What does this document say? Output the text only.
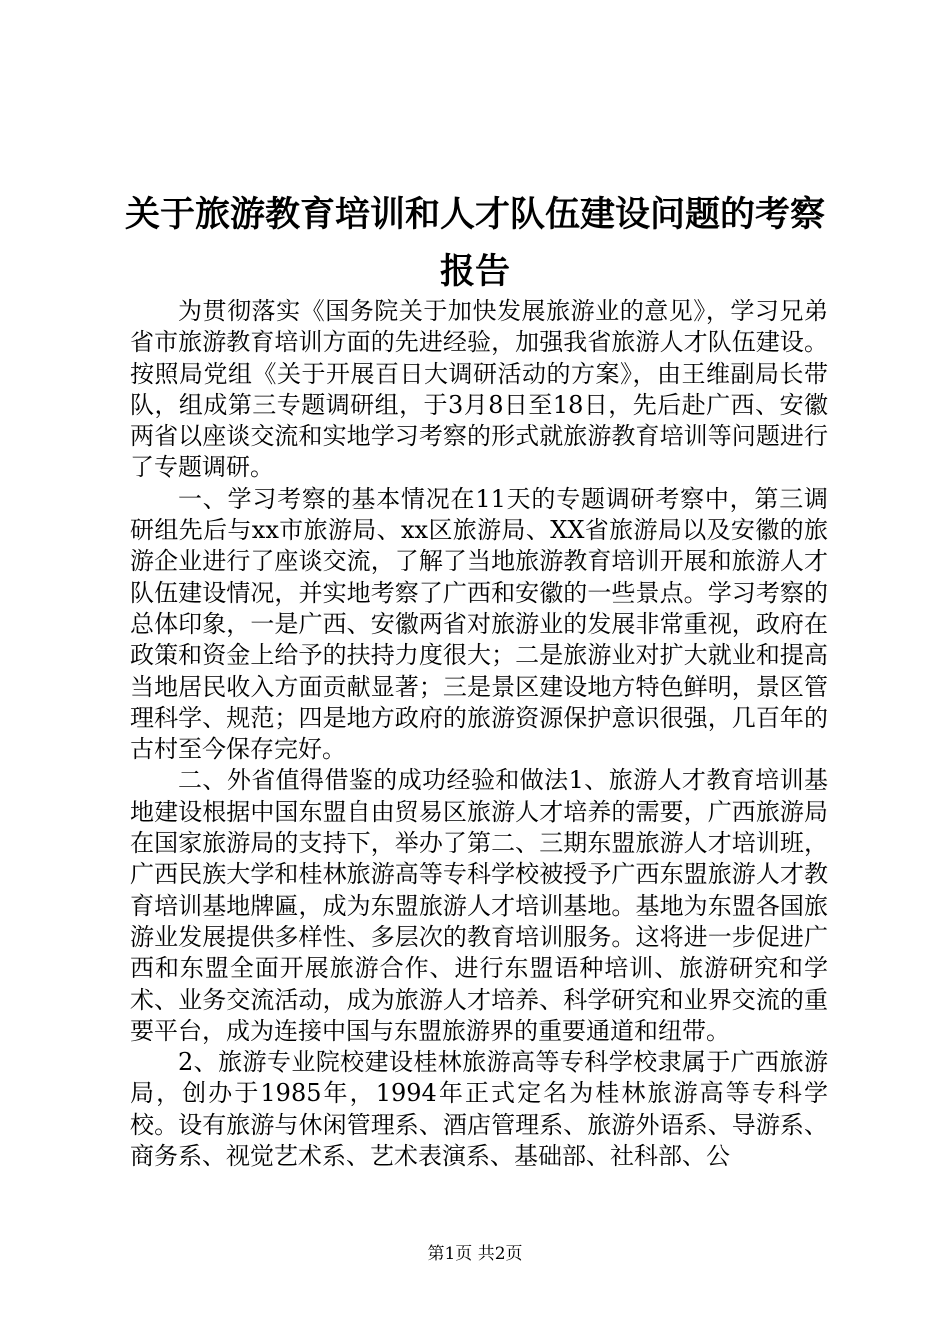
关于旅游教育培训和人才队伍建设问题的考察报告

为贯彻落实《国务院关于加快发展旅游业的意见》，学习兄弟省市旅游教育培训方面的先进经验，加强我省旅游人才队伍建设。按照局党组《关于开展百日大调研活动的方案》，由王维副局长带队，组成第三专题调研组，于3月8日至18日，先后赴广西、安徽两省以座谈交流和实地学习考察的形式就旅游教育培训等问题进行了专题调研。

一、学习考察的基本情况在11天的专题调研考察中，第三调研组先后与xx市旅游局、xx区旅游局、XX省旅游局以及安徽的旅游企业进行了座谈交流，了解了当地旅游教育培训开展和旅游人才队伍建设情况，并实地考察了广西和安徽的一些景点。学习考察的总体印象，一是广西、安徽两省对旅游业的发展非常重视，政府在政策和资金上给予的扶持力度很大；二是旅游业对扩大就业和提高当地居民收入方面贡献显著；三是景区建设地方特色鲜明，景区管理科学、规范；四是地方政府的旅游资源保护意识很强，几百年的古村至今保存完好。

二、外省值得借鉴的成功经验和做法1、旅游人才教育培训基地建设根据中国东盟自由贸易区旅游人才培养的需要，广西旅游局在国家旅游局的支持下，举办了第二、三期东盟旅游人才培训班，广西民族大学和桂林旅游高等专科学校被授予广西东盟旅游人才教育培训基地牌匾，成为东盟旅游人才培训基地。基地为东盟各国旅游业发展提供多样性、多层次的教育培训服务。这将进一步促进广西和东盟全面开展旅游合作、进行东盟语种培训、旅游研究和学术、业务交流活动，成为旅游人才培养、科学研究和业界交流的重要平台，成为连接中国与东盟旅游界的重要通道和纽带。

2、旅游专业院校建设桂林旅游高等专科学校隶属于广西旅游局，创办于1985年，1994年正式定名为桂林旅游高等专科学校。设有旅游与休闲管理系、酒店管理系、旅游外语系、导游系、商务系、视觉艺术系、艺术表演系、基础部、社科部、公

第1页 共2页
